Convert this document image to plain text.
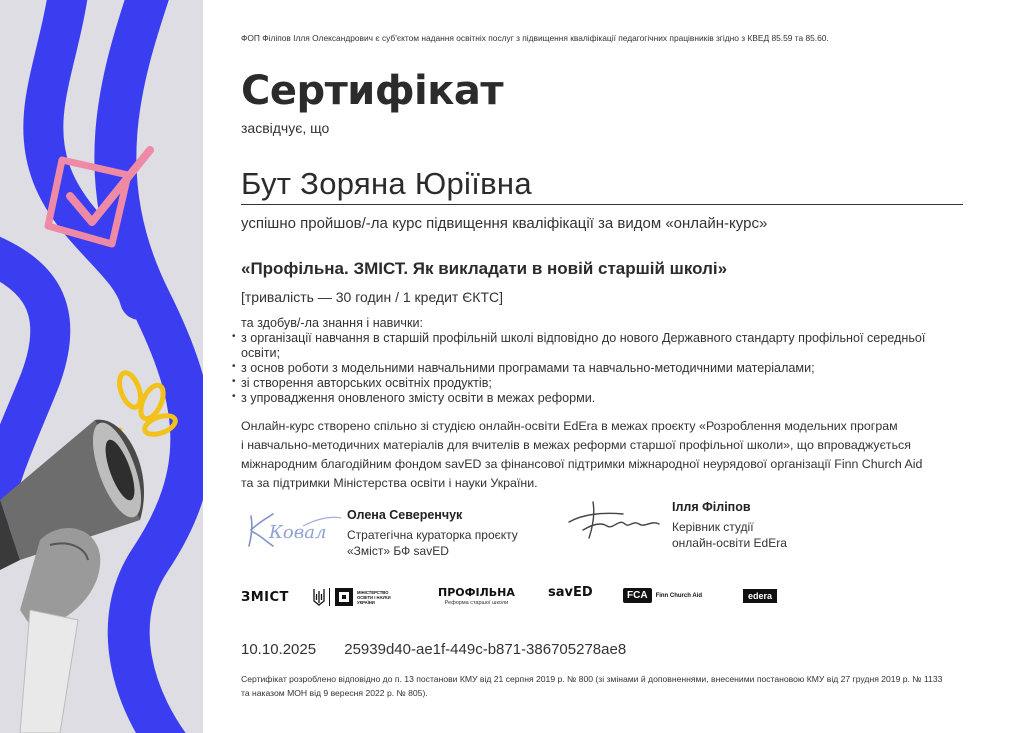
ФОП Філіпов Ілля Олександрович є суб'єктом надання освітніх послуг з підвищення кваліфікації педагогічних працівників згідно з КВЕД 85.59 та 85.60.
Сертифікат
засвідчує, що
Бут Зоряна Юріївна
успішно пройшов/-ла курс підвищення кваліфікації за видом «онлайн-курс»
«Профільна. ЗМІСТ. Як викладати в новій старшій школі»
[тривалість — 30 годин / 1 кредит ЄКТС]
та здобув/-ла знання і навички:
• з організації навчання в старшій профільній школі відповідно до нового Державного стандарту профільної середньої освіти;
• з основ роботи з модельними навчальними програмами та навчально-методичними матеріалами;
• зі створення авторських освітніх продуктів;
• з упровадження оновленого змісту освіти в межах реформи.

Онлайн-курс створено спільно зі студією онлайн-освіти EdEra в межах проєкту «Розроблення модельних програм

і навчально-методичних матеріалів для вчителів в межах реформи старшої профільної школи», що впроваджується

міжнародним благодійним фондом savED за фінансової підтримки міжнародної неурядової організації Finn Church Aid

та за підтримки Міністерства освіти і науки України.

Ковал
Олена Северенчук
Стратегічна кураторка проєкту
«Зміст» БФ savED
Ілля Філіпов
Керівник студії
онлайн-освіти EdEra
ЗМІСТ	МІНІСТЕРСТВО ОСВІТИ І НАУКИ УКРАЇНИ
ПРОФІЛЬНА
Реформа старшої школи
savED	FCA	Finn Church Aid	edera
10.10.2025 25939d40-ae1f-449c-b871-386705278ae8
Сертифікат розроблено відповідно до п. 13 постанови КМУ від 21 серпня 2019 р. № 800 (зі змінами й доповненнями, внесеними постановою КМУ від 27 грудня 2019 р. № 1133 та наказом МОН від 9 вересня 2022 р. № 805).
